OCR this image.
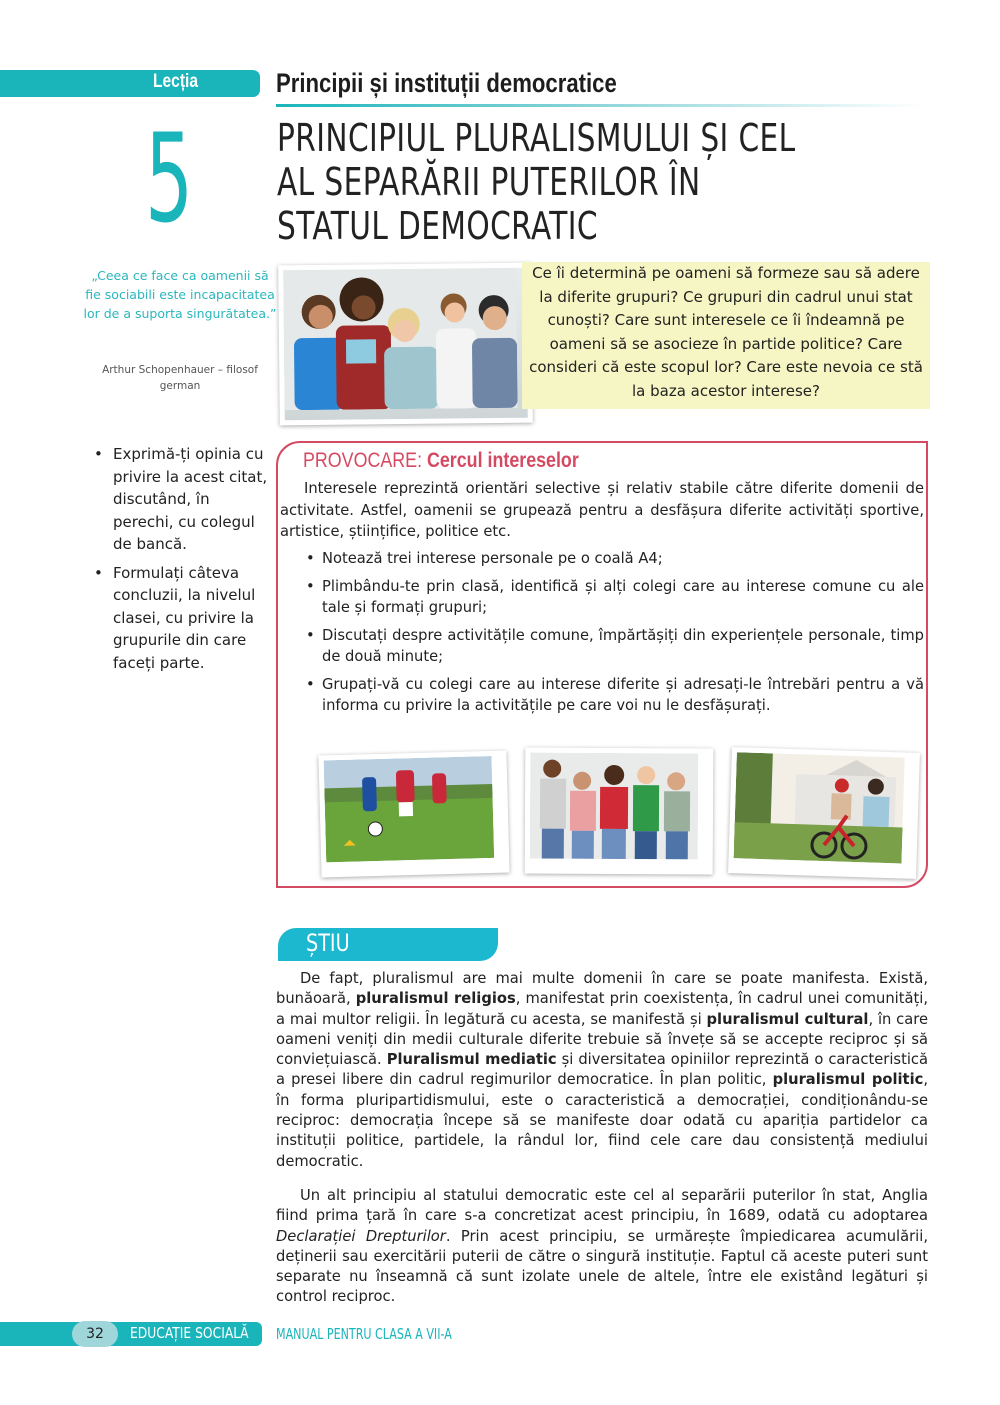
Lecția
5
„Ceea ce face ca oamenii să fie sociabili este incapacitatea lor de a suporta singurătatea.”
Arthur Schopenhauer – filosof german
• Exprimă-ți opinia cu privire la acest citat, discutând, în perechi, cu colegul de bancă.
• Formulați câteva concluzii, la nivelul clasei, cu privire la grupurile din care faceți parte.
Principii și instituții democratice
PRINCIPIUL PLURALISMULUI ȘI CEL
AL SEPARĂRII PUTERILOR ÎN
STATUL DEMOCRATIC

Ce îi determină pe oameni să formeze sau să adere la diferite grupuri? Ce grupuri din cadrul unui stat cunoști? Care sunt interesele ce îi îndeamnă pe oameni să se asocieze în partide politice? Care consideri că este scopul lor? Care este nevoia ce stă la baza acestor interese?

PROVOCARE: Cercul intereselor

Interesele reprezintă orientări selective și relativ stabile către diferite domenii de activitate. Astfel, oamenii se grupează pentru a desfășura diferite activități sportive, artistice, științifice, politice etc.

• Notează trei interese personale pe o coală A4;
• Plimbându-te prin clasă, identifică și alți colegi care au interese comune cu ale tale și formați grupuri;
• Discutați despre activitățile comune, împărtășiți din experiențele personale, timp de două minute;
• Grupați-vă cu colegi care au interese diferite și adresați-le întrebări pentru a vă informa cu privire la activitățile pe care voi nu le desfășurați.
ȘTIU

De fapt, pluralismul are mai multe domenii în care se poate manifesta. Există, bunăoară, pluralismul religios, manifestat prin coexistența, în cadrul unei comunități, a mai multor religii. În legătură cu acesta, se manifestă și pluralismul cultural, în care oameni veniți din medii culturale diferite trebuie să învețe să se accepte reciproc și să conviețuiască. Pluralismul mediatic și diversitatea opiniilor reprezintă o caracteristică a presei libere din cadrul regimurilor democratice. În plan politic, pluralismul politic, în forma pluripartidismului, este o caracteristică a democrației, condiționându-se reciproc: democrația începe să se manifeste doar odată cu apariția partidelor ca instituții politice, partidele, la rândul lor, fiind cele care dau consistență mediului democratic.

Un alt principiu al statului democratic este cel al separării puterilor în stat, Anglia fiind prima țară în care s-a concretizat acest principiu, în 1689, odată cu adoptarea Declarației Drepturilor. Prin acest principiu, se urmărește împiedicarea acumulării, deținerii sau exercitării puterii de către o singură instituție. Faptul că aceste puteri sunt separate nu înseamnă că sunt izolate unele de altele, între ele existând legături și control reciproc.

32	EDUCAȚIE SOCIALĂ MANUAL PENTRU CLASA A VII-A
